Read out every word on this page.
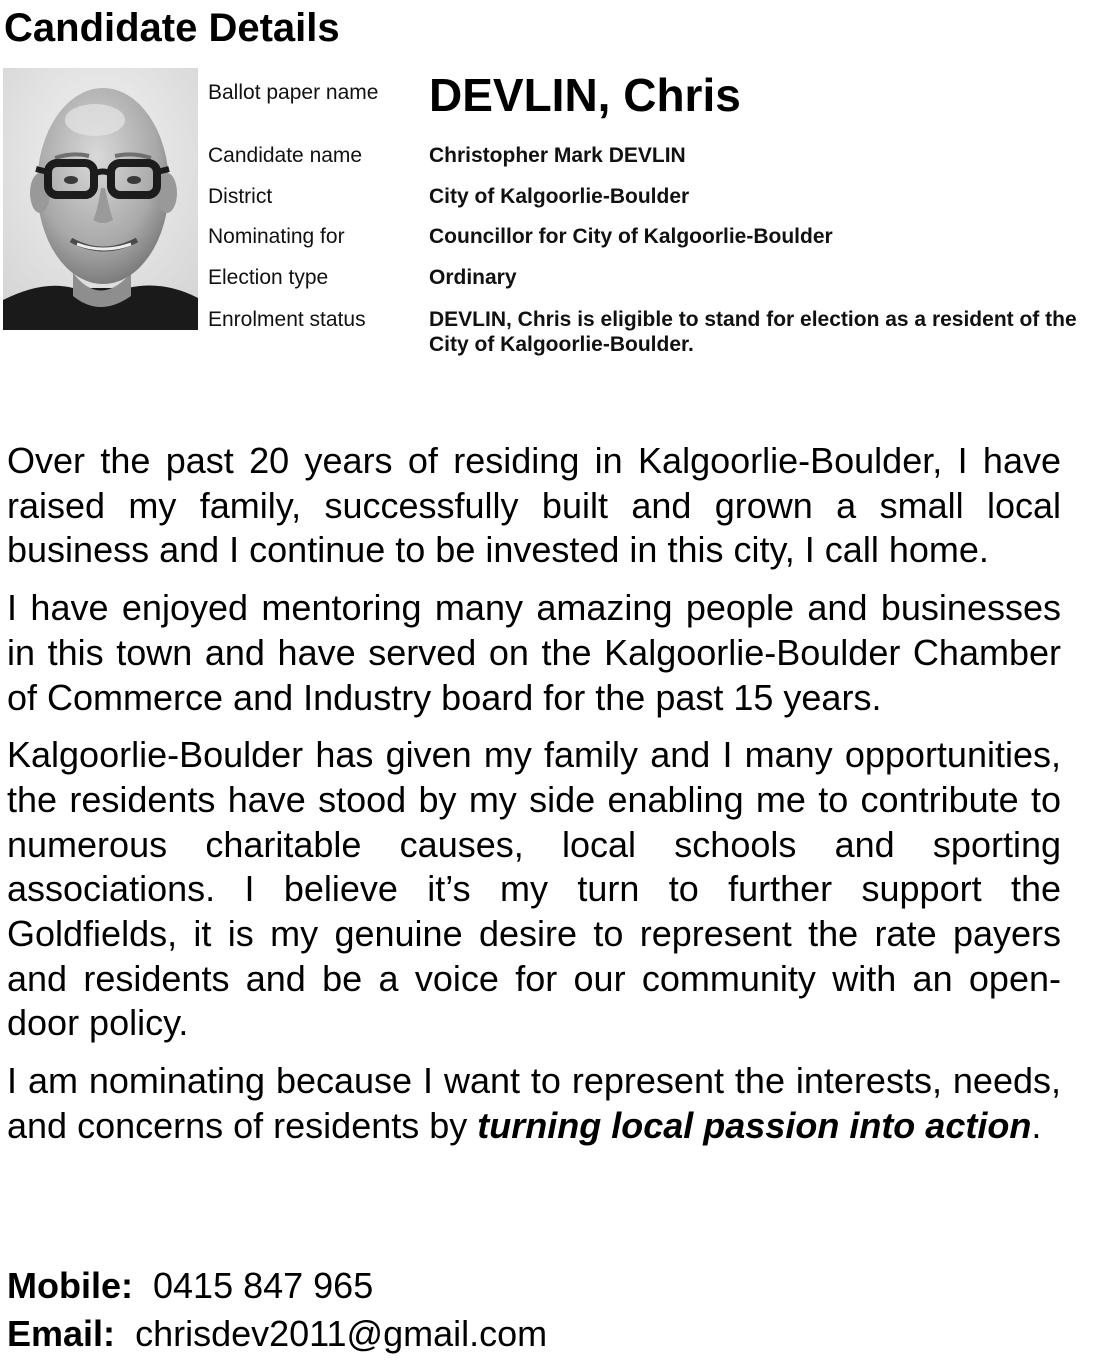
Candidate Details
Ballot paper name DEVLIN, Chris
Candidate name	Christopher Mark DEVLIN
District	City of Kalgoorlie-Boulder
Nominating for	Councillor for City of Kalgoorlie-Boulder
Election type	Ordinary
Enrolment status	DEVLIN, Chris is eligible to stand for election as a resident of the City of Kalgoorlie-Boulder.

Over the past 20 years of residing in Kalgoorlie-Boulder, I have raised my family, successfully built and grown a small local business and I continue to be invested in this city, I call home.

I have enjoyed mentoring many amazing people and businesses in this town and have served on the Kalgoorlie-Boulder Chamber of Commerce and Industry board for the past 15 years.

Kalgoorlie-Boulder has given my family and I many opportunities, the residents have stood by my side enabling me to contribute to numerous charitable causes, local schools and sporting associations. I believe it’s my turn to further support the Goldfields, it is my genuine desire to represent the rate payers and residents and be a voice for our community with an open-door policy.

I am nominating because I want to represent the interests, needs, and concerns of residents by turning local passion into action.

Mobile: 0415 847 965
Email: chrisdev2011@gmail.com
